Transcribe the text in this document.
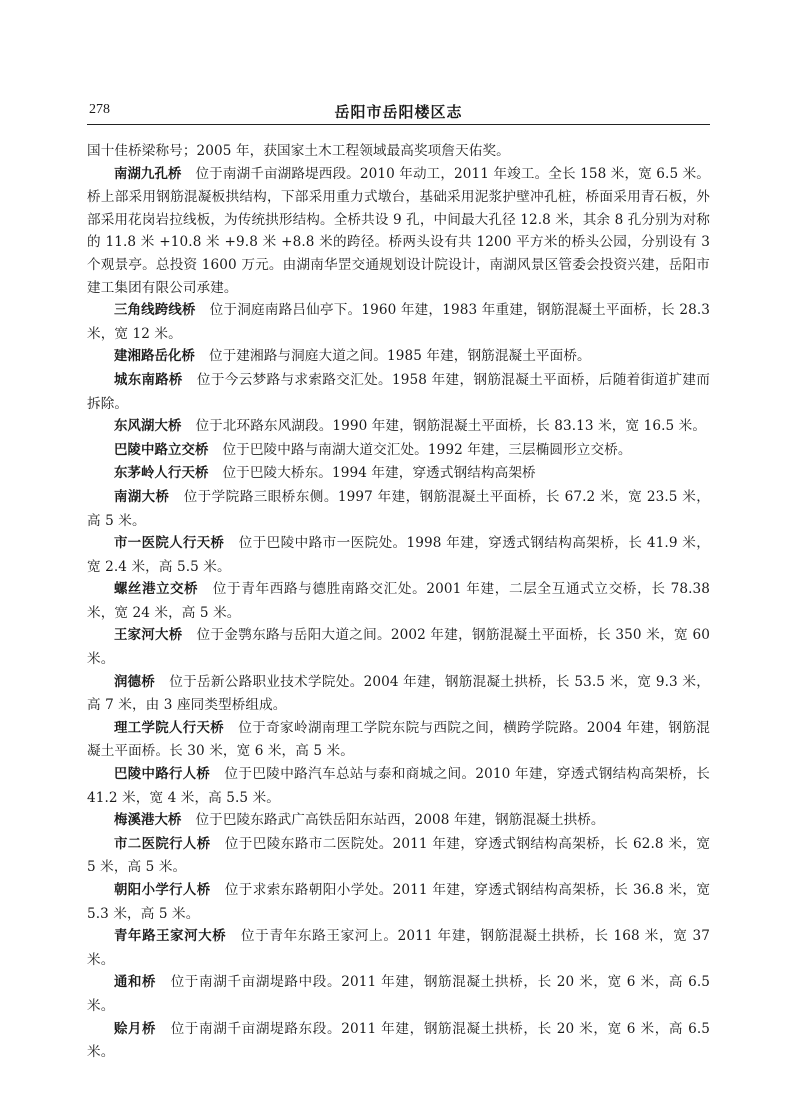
278	岳阳市岳阳楼区志

国十佳桥梁称号；2005 年，获国家土木工程领域最高奖项詹天佑奖。

南湖九孔桥 位于南湖千亩湖路堤西段。2010 年动工，2011 年竣工。全长 158 米，宽 6.5 米。桥上部采用钢筋混凝板拱结构，下部采用重力式墩台，基础采用泥浆护壁冲孔桩，桥面采用青石板，外部采用花岗岩拉线板，为传统拱形结构。全桥共设 9 孔，中间最大孔径 12.8 米，其余 8 孔分别为对称的 11.8 米 +10.8 米 +9.8 米 +8.8 米的跨径。桥两头设有共 1200 平方米的桥头公园，分别设有 3 个观景亭。总投资 1600 万元。由湖南华罡交通规划设计院设计，南湖风景区管委会投资兴建，岳阳市建工集团有限公司承建。

三角线跨线桥 位于洞庭南路吕仙亭下。1960 年建，1983 年重建，钢筋混凝土平面桥，长 28.3 米，宽 12 米。

建湘路岳化桥 位于建湘路与洞庭大道之间。1985 年建，钢筋混凝土平面桥。

城东南路桥 位于今云梦路与求索路交汇处。1958 年建，钢筋混凝土平面桥，后随着街道扩建而拆除。

东风湖大桥 位于北环路东风湖段。1990 年建，钢筋混凝土平面桥，长 83.13 米，宽 16.5 米。

巴陵中路立交桥 位于巴陵中路与南湖大道交汇处。1992 年建，三层椭圆形立交桥。

东茅岭人行天桥 位于巴陵大桥东。1994 年建，穿透式钢结构高架桥

南湖大桥 位于学院路三眼桥东侧。1997 年建，钢筋混凝土平面桥，长 67.2 米，宽 23.5 米，高 5 米。

市一医院人行天桥 位于巴陵中路市一医院处。1998 年建，穿透式钢结构高架桥，长 41.9 米，宽 2.4 米，高 5.5 米。

螺丝港立交桥 位于青年西路与德胜南路交汇处。2001 年建，二层全互通式立交桥，长 78.38 米，宽 24 米，高 5 米。

王家河大桥 位于金鹗东路与岳阳大道之间。2002 年建，钢筋混凝土平面桥，长 350 米，宽 60 米。

润德桥 位于岳新公路职业技术学院处。2004 年建，钢筋混凝土拱桥，长 53.5 米，宽 9.3 米，高 7 米，由 3 座同类型桥组成。

理工学院人行天桥 位于奇家岭湖南理工学院东院与西院之间，横跨学院路。2004 年建，钢筋混凝土平面桥。长 30 米，宽 6 米，高 5 米。

巴陵中路行人桥 位于巴陵中路汽车总站与泰和商城之间。2010 年建，穿透式钢结构高架桥，长 41.2 米，宽 4 米，高 5.5 米。

梅溪港大桥 位于巴陵东路武广高铁岳阳东站西，2008 年建，钢筋混凝土拱桥。

市二医院行人桥 位于巴陵东路市二医院处。2011 年建，穿透式钢结构高架桥，长 62.8 米，宽 5 米，高 5 米。

朝阳小学行人桥 位于求索东路朝阳小学处。2011 年建，穿透式钢结构高架桥，长 36.8 米，宽 5.3 米，高 5 米。

青年路王家河大桥 位于青年东路王家河上。2011 年建，钢筋混凝土拱桥，长 168 米，宽 37 米。

通和桥 位于南湖千亩湖堤路中段。2011 年建，钢筋混凝土拱桥，长 20 米，宽 6 米，高 6.5 米。

赊月桥 位于南湖千亩湖堤路东段。2011 年建，钢筋混凝土拱桥，长 20 米，宽 6 米，高 6.5 米。
